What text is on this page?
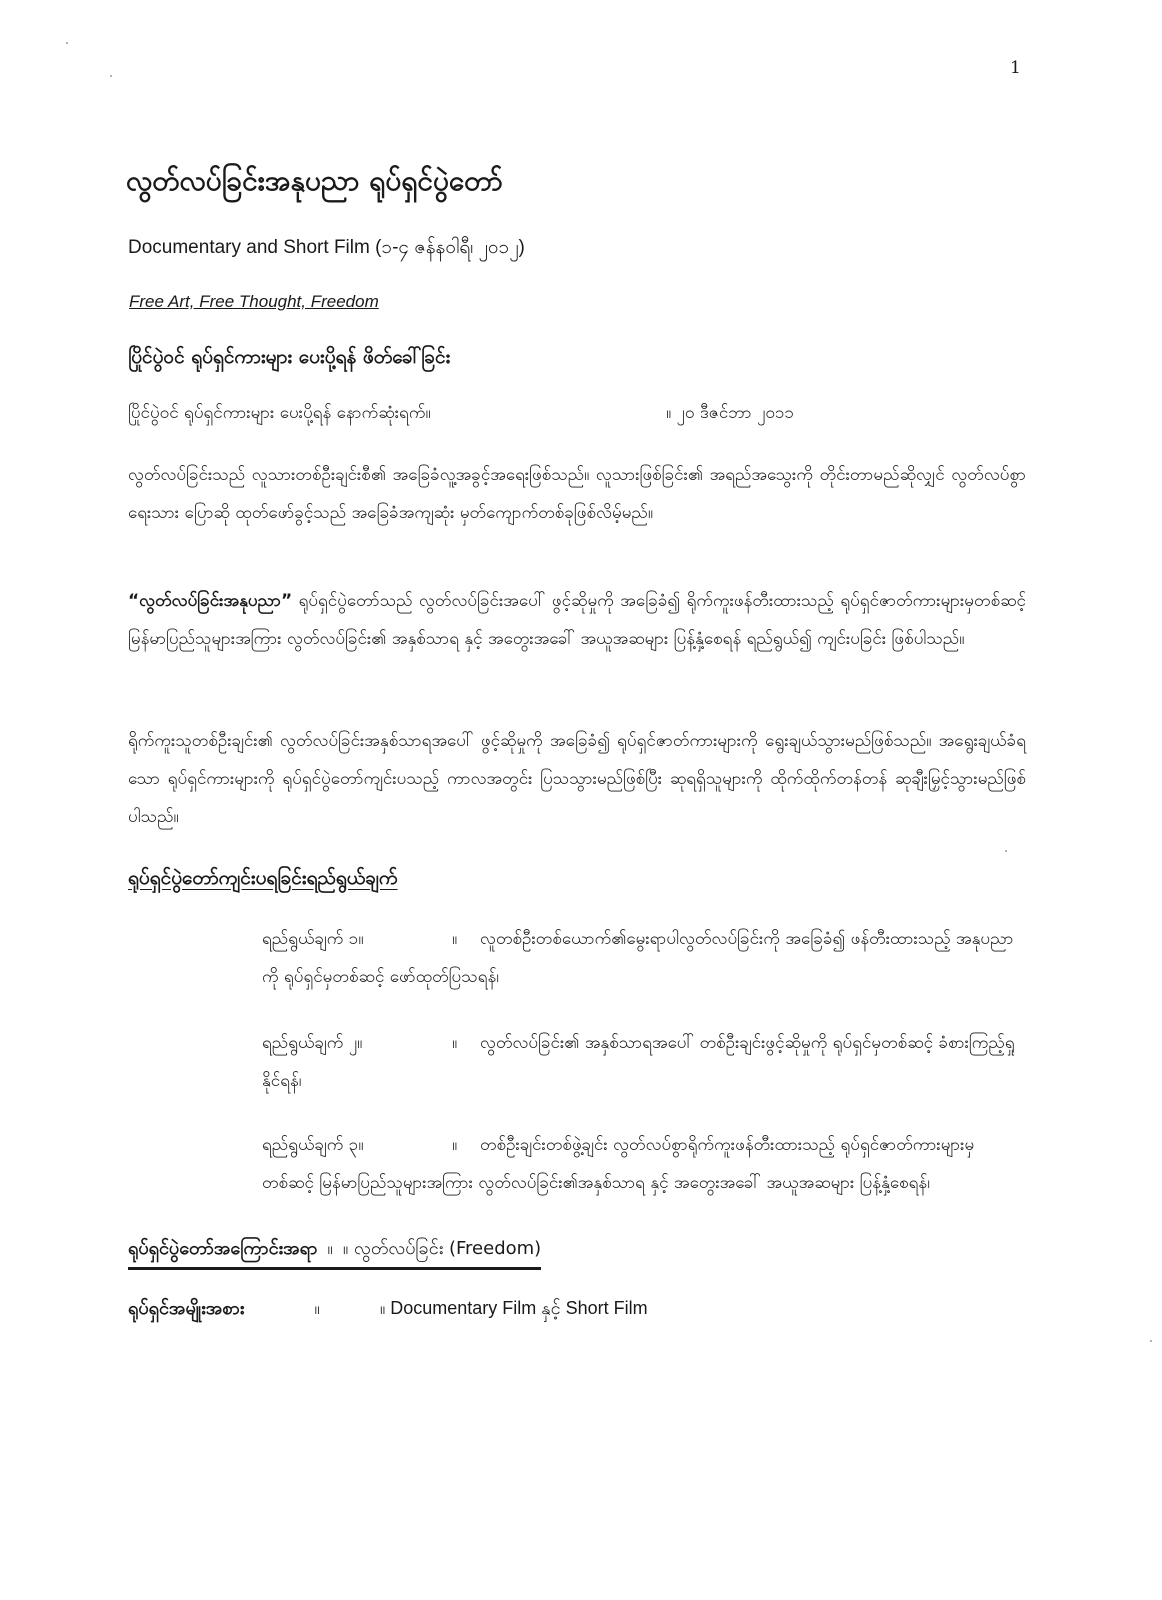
1
လွတ်လပ်ခြင်းအနုပညာ ရုပ်ရှင်ပွဲတော်
Documentary and Short Film (၁-၄ ဇန်နဝါရီ၊ ၂၀၁၂)
Free Art, Free Thought, Freedom
ပြိုင်ပွဲဝင် ရုပ်ရှင်ကားများ ပေးပို့ရန် ဖိတ်ခေါ်ခြင်း
ပြိုင်ပွဲဝင် ရုပ်ရှင်ကားများ ပေးပို့ရန် နောက်ဆုံးရက်။	။ ၂၀ ဒီဇင်ဘာ ၂၀၁၁

လွတ်လပ်ခြင်းသည် လူသားတစ်ဦးချင်းစီ၏ အခြေခံလူ့အခွင့်အရေးဖြစ်သည်။ လူသားဖြစ်ခြင်း၏ အရည်အသွေးကို တိုင်းတာမည်ဆိုလျှင် လွတ်လပ်စွာ ရေးသား ပြောဆို ထုတ်ဖော်ခွင့်သည် အခြေခံအကျဆုံး မှတ်ကျောက်တစ်ခုဖြစ်လိမ့်မည်။

“လွတ်လပ်ခြင်းအနုပညာ” ရုပ်ရှင်ပွဲတော်သည် လွတ်လပ်ခြင်းအပေါ် ဖွင့်ဆိုမှုကို အခြေခံ၍ ရိုက်ကူးဖန်တီးထားသည့် ရုပ်ရှင်ဇာတ်ကားများမှတစ်ဆင့် မြန်မာပြည်သူများအကြား လွတ်လပ်ခြင်း၏ အနှစ်သာရ နှင့် အတွေးအခေါ် အယူအဆများ ပြန့်နှံ့စေရန် ရည်ရွယ်၍ ကျင်းပခြင်း ဖြစ်ပါသည်။

ရိုက်ကူးသူတစ်ဦးချင်း၏ လွတ်လပ်ခြင်းအနှစ်သာရအပေါ် ဖွင့်ဆိုမှုကို အခြေခံ၍ ရုပ်ရှင်ဇာတ်ကားများကို ရွေးချယ်သွားမည်ဖြစ်သည်။ အရွေးချယ်ခံရသော ရုပ်ရှင်ကားများကို ရုပ်ရှင်ပွဲတော်ကျင်းပသည့် ကာလအတွင်း ပြသသွားမည်ဖြစ်ပြီး ဆုရရှိသူများကို ထိုက်ထိုက်တန်တန် ဆုချီးမြှင့်သွားမည်ဖြစ်ပါသည်။

ရုပ်ရှင်ပွဲတော်ကျင်းပရခြင်းရည်ရွယ်ချက်
ရည်ရွယ်ချက် ၁။	။ လူတစ်ဦးတစ်ယောက်၏မွေးရာပါလွတ်လပ်ခြင်းကို အခြေခံ၍ ဖန်တီးထားသည့် အနုပညာကို ရုပ်ရှင်မှတစ်ဆင့် ဖော်ထုတ်ပြသရန်၊
ရည်ရွယ်ချက် ၂။	။ လွတ်လပ်ခြင်း၏ အနှစ်သာရအပေါ် တစ်ဦးချင်းဖွင့်ဆိုမှုကို ရုပ်ရှင်မှတစ်ဆင့် ခံစားကြည့်ရှုနိုင်ရန်၊
ရည်ရွယ်ချက် ၃။	။ တစ်ဦးချင်းတစ်ဖွဲ့ချင်း လွတ်လပ်စွာရိုက်ကူးဖန်တီးထားသည့် ရုပ်ရှင်ဇာတ်ကားများမှတစ်ဆင့် မြန်မာပြည်သူများအကြား လွတ်လပ်ခြင်း၏အနှစ်သာရ နှင့် အတွေးအခေါ် အယူအဆများ ပြန့်နှံ့စေရန်၊
ရုပ်ရှင်ပွဲတော်အကြောင်းအရာ ။ ။ လွတ်လပ်ခြင်း (Freedom)
ရုပ်ရှင်အမျိုးအစား	။	။ Documentary Film နှင့် Short Film
